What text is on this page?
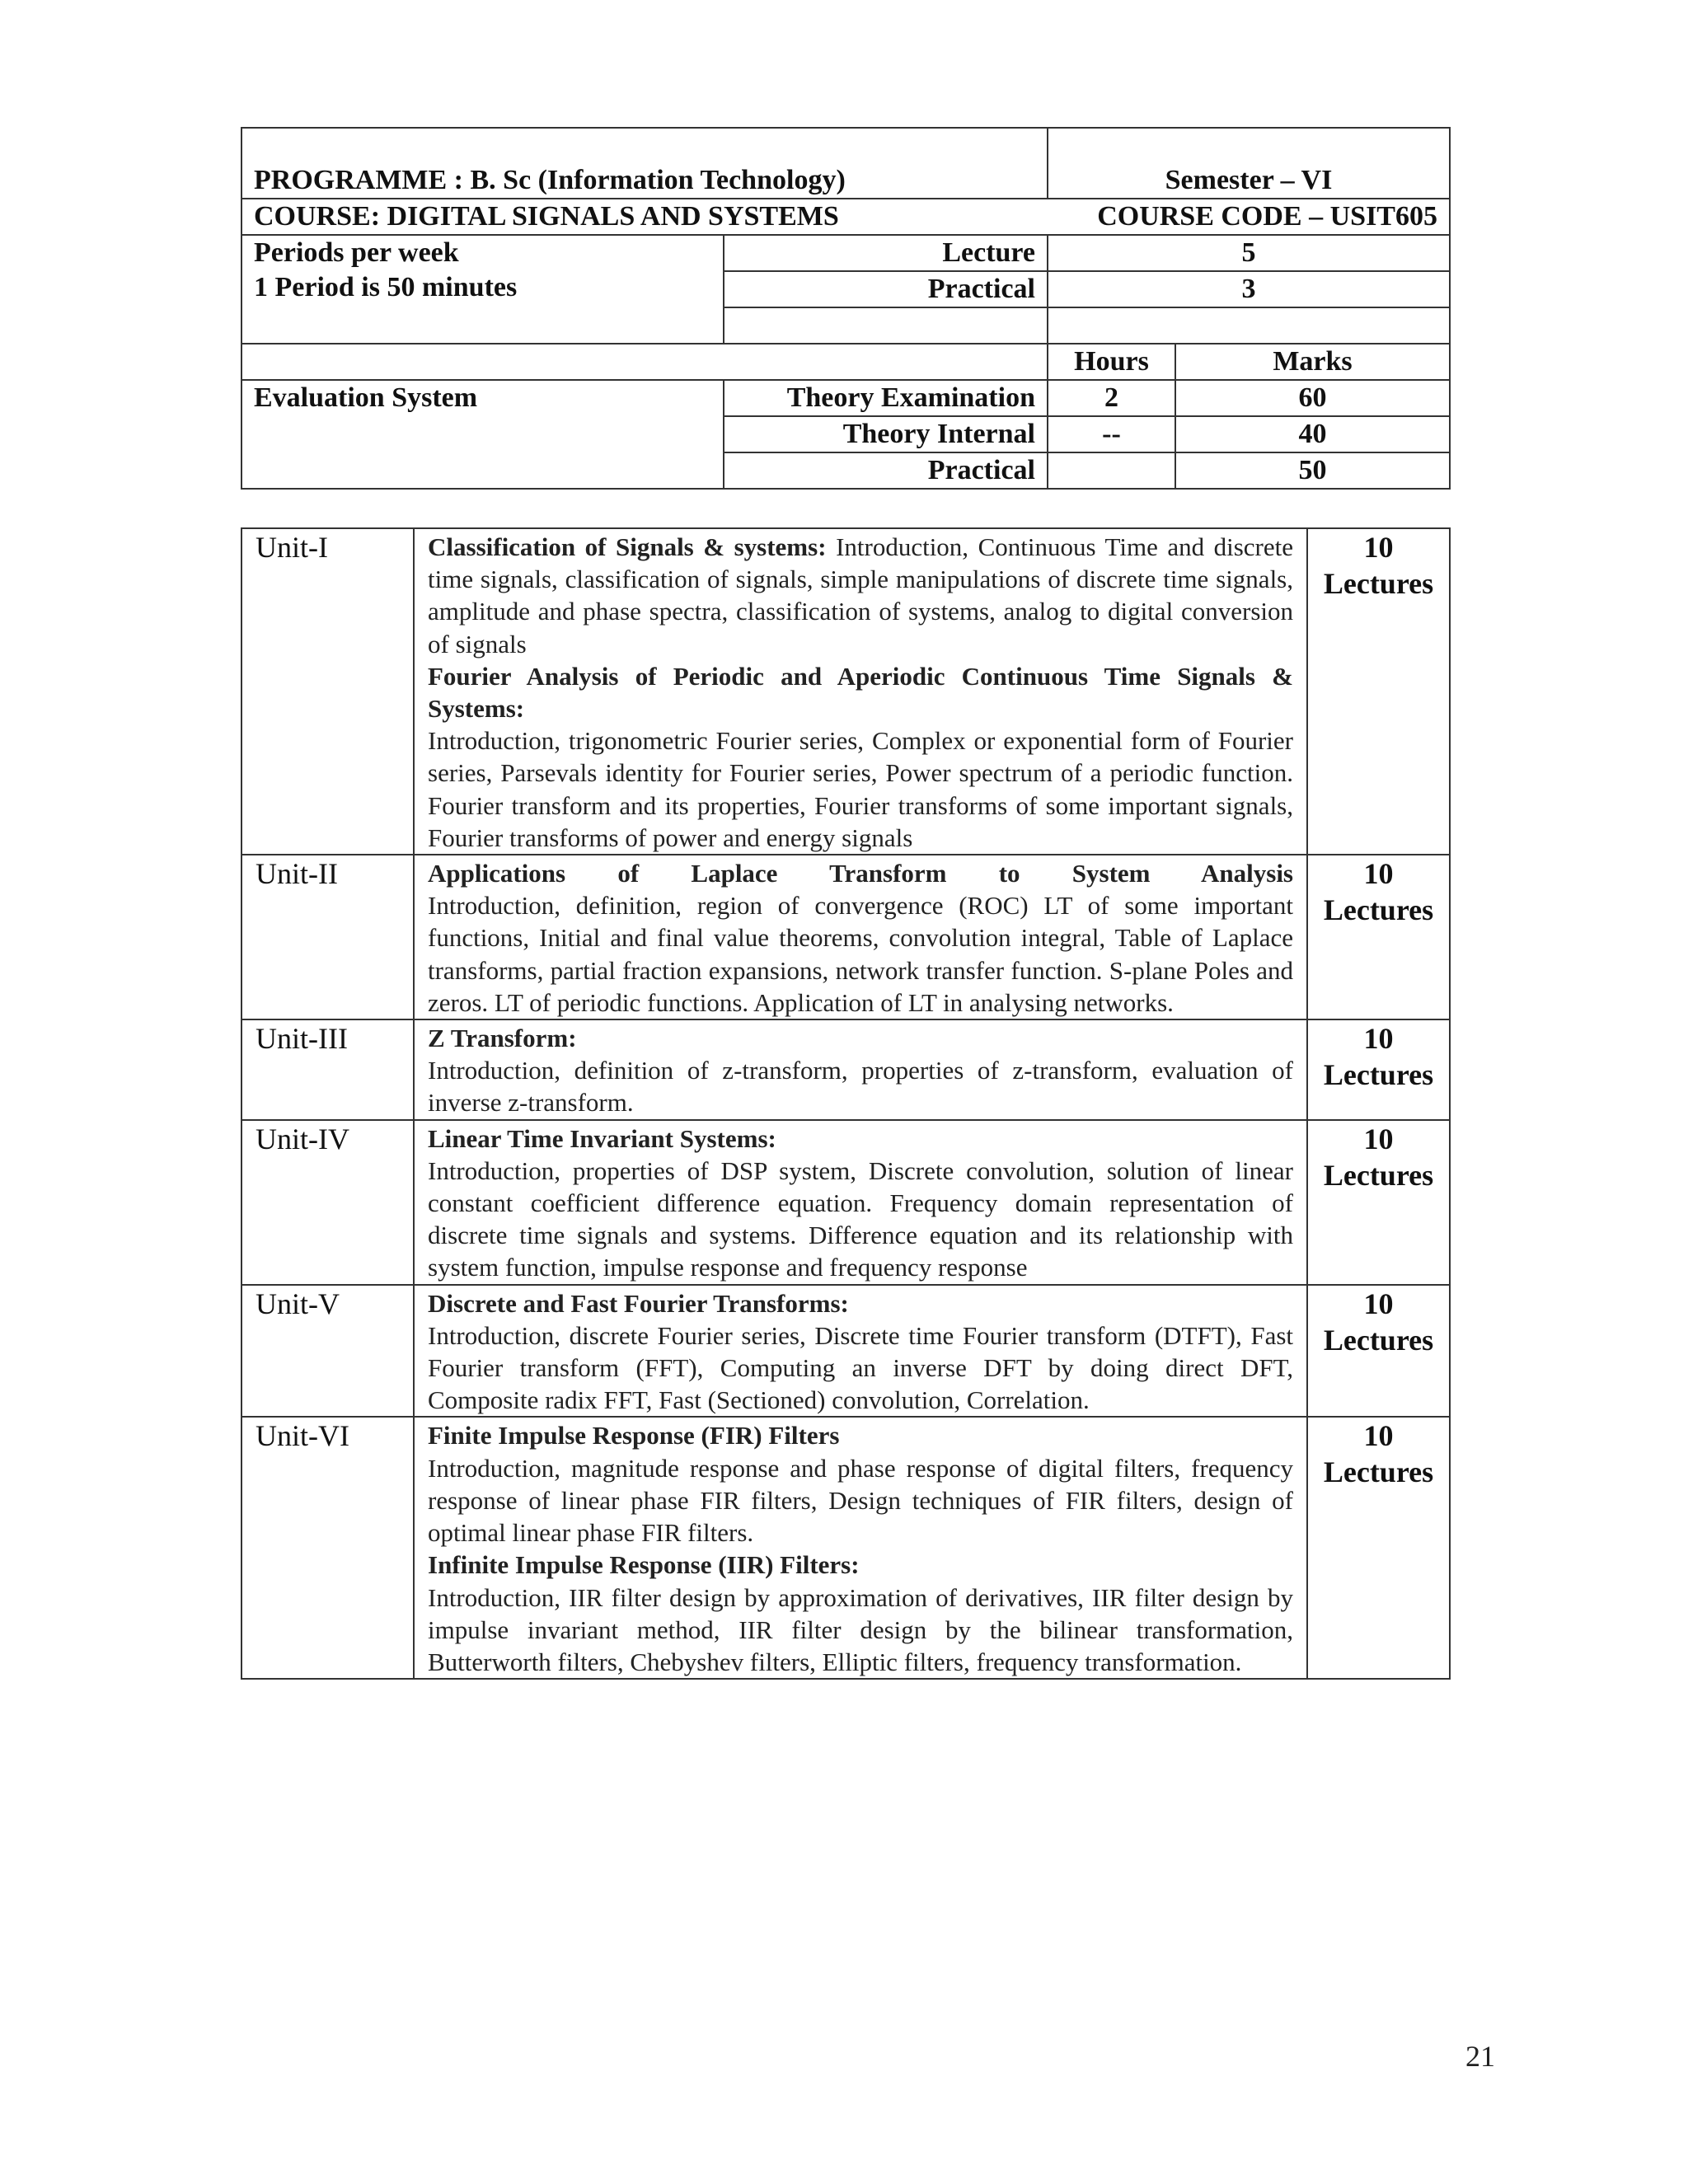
PROGRAMME : B. Sc (Information Technology)		Semester – VI	
COURSE: DIGITAL SIGNALS AND SYSTEMS		COURSE CODE – USIT605	

Periods per week
1 Period is 50 minutes	Lecture	5	
	Practical	3	

		Hours	Marks
Evaluation System	Theory Examination	2	60
	Theory Internal	--	40
	Practical		50
Unit-I	Classification of Signals & systems: Introduction, Continuous Time and discrete time signals, classification of signals, simple manipulations of discrete time signals, amplitude and phase spectra, classification of systems, analog to digital conversion of signals
Fourier Analysis of Periodic and Aperiodic Continuous Time Signals & Systems:
Introduction, trigonometric Fourier series, Complex or exponential form of Fourier series, Parsevals identity for Fourier series, Power spectrum of a periodic function. Fourier transform and its properties, Fourier transforms of some important signals, Fourier transforms of power and energy signals	10
Lectures

Unit-II	Applications of Laplace Transform to System Analysis
Introduction, definition, region of convergence (ROC) LT of some important functions, Initial and final value theorems, convolution integral, Table of Laplace transforms, partial fraction expansions, network transfer function. S-plane Poles and zeros. LT of periodic functions. Application of LT in analysing networks.	10
Lectures

Unit-III	Z Transform:
Introduction, definition of z-transform, properties of z-transform, evaluation of inverse z-transform.	10
Lectures

Unit-IV	Linear Time Invariant Systems:
Introduction, properties of DSP system, Discrete convolution, solution of linear constant coefficient difference equation. Frequency domain representation of discrete time signals and systems. Difference equation and its relationship with system function, impulse response and frequency response	10
Lectures

Unit-V	Discrete and Fast Fourier Transforms:
Introduction, discrete Fourier series, Discrete time Fourier transform (DTFT), Fast Fourier transform (FFT), Computing an inverse DFT by doing direct DFT, Composite radix FFT, Fast (Sectioned) convolution, Correlation.	10
Lectures

Unit-VI	Finite Impulse Response (FIR) Filters
Introduction, magnitude response and phase response of digital filters, frequency response of linear phase FIR filters, Design techniques of FIR filters, design of optimal linear phase FIR filters.
Infinite Impulse Response (IIR) Filters:
Introduction, IIR filter design by approximation of derivatives, IIR filter design by impulse invariant method, IIR filter design by the bilinear transformation, Butterworth filters, Chebyshev filters, Elliptic filters, frequency transformation.	10
Lectures
21
